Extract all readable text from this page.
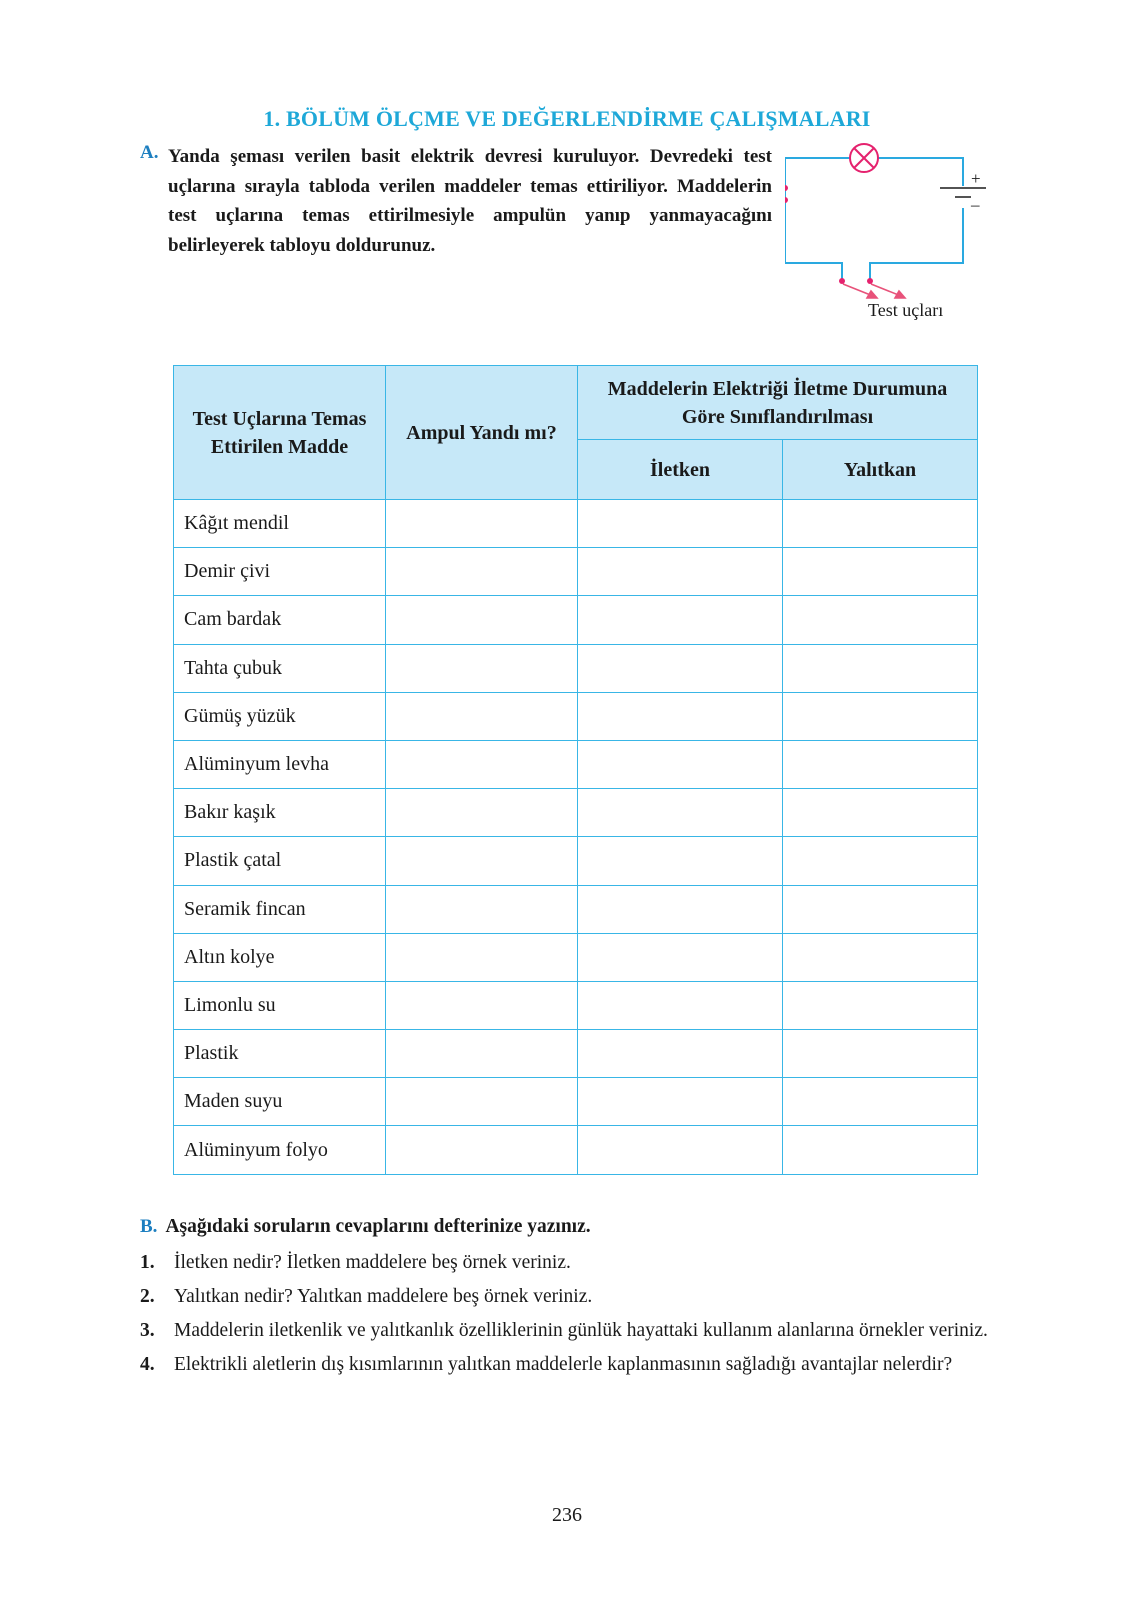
1. BÖLÜM ÖLÇME VE DEĞERLENDİRME ÇALIŞMALARI
A. Yanda şeması verilen basit elektrik devresi kuruluyor. Devredeki test uçlarına sırayla tabloda verilen maddeler temas ettiriliyor. Maddelerin test uçlarına temas ettirilmesiyle ampulün yanıp yanmayacağını belirleyerek tabloyu doldurunuz.
+
–
Test uçları
Test Uçlarına Temas Ettirilen Madde	Ampul Yandı mı?	Maddelerin Elektriği İletme Durumuna Göre Sınıflandırılması	
		İletken	Yalıtkan
Kâğıt mendil			
Demir çivi			
Cam bardak			
Tahta çubuk			
Gümüş yüzük			
Alüminyum levha			
Bakır kaşık			
Plastik çatal			
Seramik fincan			
Altın kolye			
Limonlu su			
Plastik			
Maden suyu			
Alüminyum folyo			
B. Aşağıdaki soruların cevaplarını defterinize yazınız.
1. İletken nedir? İletken maddelere beş örnek veriniz.
2. Yalıtkan nedir? Yalıtkan maddelere beş örnek veriniz.
3. Maddelerin iletkenlik ve yalıtkanlık özelliklerinin günlük hayattaki kullanım alanlarına örnekler veriniz.
4. Elektrikli aletlerin dış kısımlarının yalıtkan maddelerle kaplanmasının sağladığı avantajlar nelerdir?
236
